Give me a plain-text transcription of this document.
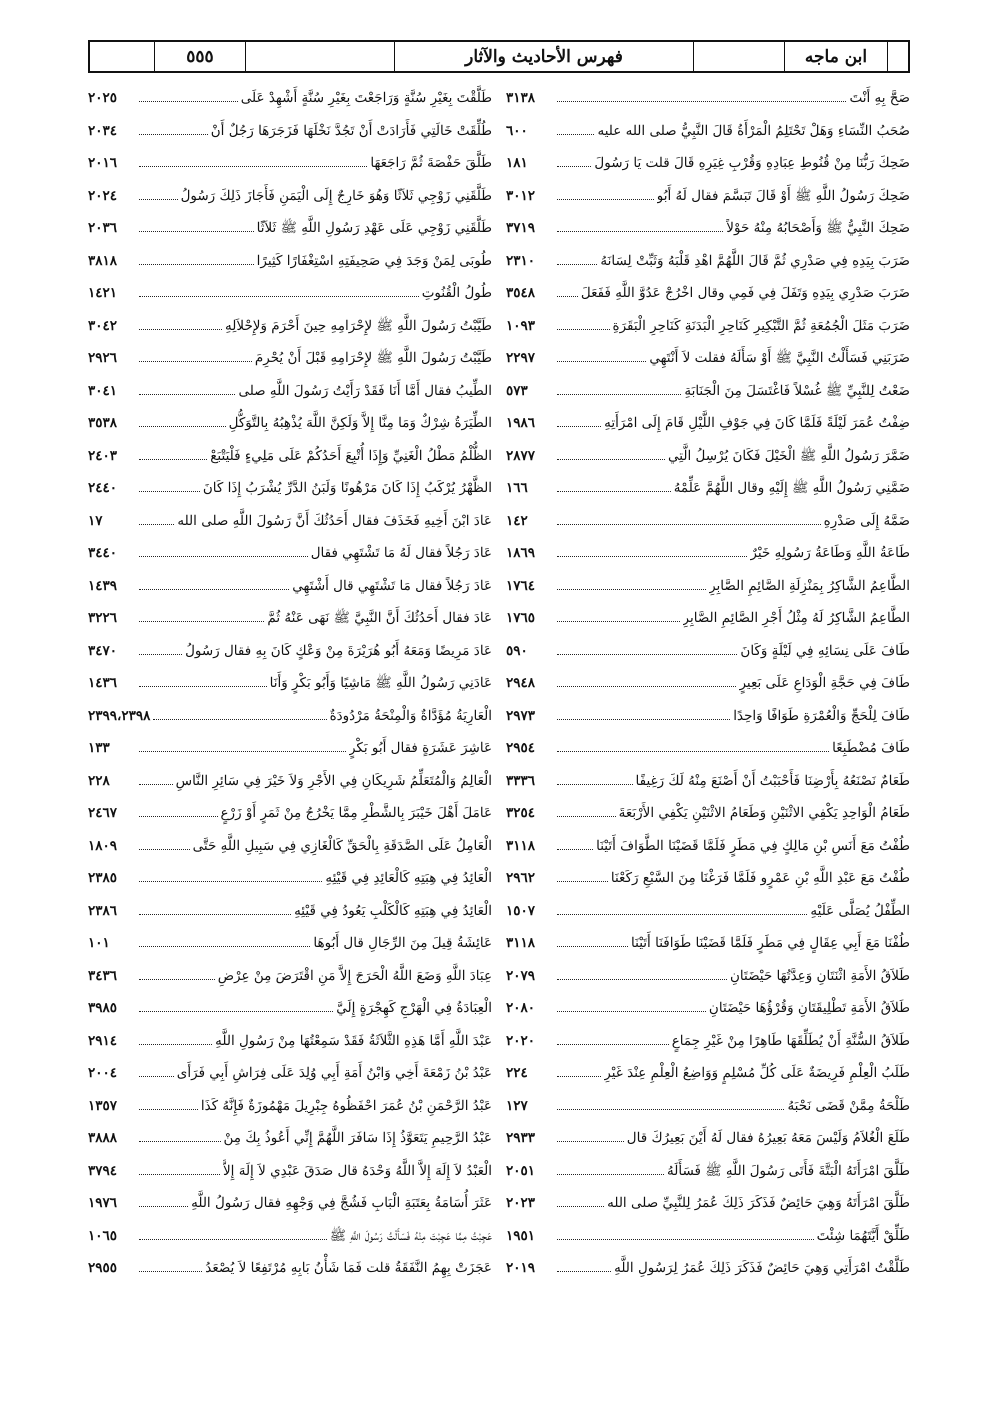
ابن ماجه
فهرس الأحاديث والآثار
٥٥٥
صَحَّ بِهِ أَنْتَ
٣١٣٨
صُحَبُ النِّسَاءِ وَهَلْ تَحْتَلِمُ الْمَرْأَةُ قَالَ النَّبِيُّ صلى الله عليه
٦٠٠
ضَحِكَ رَبُّنَا مِنْ قُنُوطِ عِبَادِهِ وَقُرْبِ غِيَرِهِ قَالَ قلت يَا رَسُولَ
١٨١
ضَحِكَ رَسُولُ اللَّهِ ﷺ أَوْ قَالَ تَبَسَّمَ فقال لَهُ أَبُو
٣٠١٢
ضَحِكَ النَّبِيُّ ﷺ وَأَصْحَابُهُ مِنْهُ حَوْلاً
٣٧١٩
ضَرَبَ بِيَدِهِ فِي صَدْرِي ثُمَّ قَالَ اللَّهُمَّ اهْدِ قَلْبَهُ وَثَبِّتْ لِسَانَهُ
٢٣١٠
ضَرَبَ صَدْرِي بِيَدِهِ وَتَفَلَ فِي فَمِي وقال اخْرُجْ عَدُوَّ اللَّهِ فَفَعَلَ
٣٥٤٨
ضَرَبَ مَثَلَ الْجُمُعَةِ ثُمَّ التَّبْكِيرِ كَنَاحِرِ الْبَدَنَةِ كَنَاحِرِ الْبَقَرَةِ
١٠٩٣
ضَرَبَنِي فَسَأَلْتُ النَّبِيَّ ﷺ أَوْ سَأَلَهُ فقلت لاَ أَنْتَهِي
٢٢٩٧
ضَعْتُ لِلنَّبِيِّ ﷺ غُسْلاً فَاغْتَسَلَ مِنَ الْجَنَابَةِ
٥٧٣
ضِفْتُ عُمَرَ لَيْلَةً فَلَمَّا كَانَ فِي جَوْفِ اللَّيْلِ قَامَ إِلَى امْرَأَتِهِ
١٩٨٦
ضَمَّرَ رَسُولُ اللَّهِ ﷺ الْخَيْلَ فَكَانَ يُرْسِلُ الَّتِي
٢٨٧٧
ضَمَّنِي رَسُولُ اللَّهِ ﷺ إِلَيْهِ وقال اللَّهُمَّ عَلِّمْهُ
١٦٦
ضَمَّهُ إِلَى صَدْرِهِ
١٤٢
طَاعَةُ اللَّهِ وَطَاعَةُ رَسُولِهِ خَيْرٌ
١٨٦٩
الطَّاعِمُ الشَّاكِرُ بِمَنْزِلَةِ الصَّائِمِ الصَّابِرِ
١٧٦٤
الطَّاعِمُ الشَّاكِرُ لَهُ مِثْلُ أَجْرِ الصَّائِمِ الصَّابِرِ
١٧٦٥
طَافَ عَلَى نِسَائِهِ فِي لَيْلَةٍ وَكَانَ
٥٩٠
طَافَ فِي حَجَّةِ الْوَدَاعِ عَلَى بَعِيرٍ
٢٩٤٨
طَافَ لِلْحَجِّ وَالْعُمْرَةِ طَوَافًا وَاحِدًا
٢٩٧٣
طَافَ مُضْطَبِعًا
٢٩٥٤
طَعَامٌ نَصْنَعُهُ بِأَرْضِنَا فَأَحْبَبْتُ أَنْ أَصْنَعَ مِنْهُ لَكَ رَغِيفًا
٣٣٣٦
طَعَامُ الْوَاحِدِ يَكْفِي الاثْنَيْنِ وَطَعَامُ الاثْنَيْنِ يَكْفِي الأَرْبَعَةَ
٣٢٥٤
طُفْتُ مَعَ أَنَسِ بْنِ مَالِكٍ فِي مَطَرٍ فَلَمَّا قَضَيْنَا الطَّوَافَ أَتَيْنَا
٣١١٨
طُفْتُ مَعَ عَبْدِ اللَّهِ بْنِ عَمْرٍو فَلَمَّا فَرَغْنَا مِنَ السَّبْعِ رَكَعْنَا
٢٩٦٢
الطِّفْلُ يُصَلَّى عَلَيْهِ
١٥٠٧
طُفْنَا مَعَ أَبِي عِقَالٍ فِي مَطَرٍ فَلَمَّا قَضَيْنَا طَوَافَنَا أَتَيْنَا
٣١١٨
طَلاَقُ الأَمَةِ اثْنَتَانِ وَعِدَّتُهَا حَيْضَتَانِ
٢٠٧٩
طَلاَقُ الأَمَةِ تَطْلِيقَتَانِ وَقُرْؤُهَا حَيْضَتَانِ
٢٠٨٠
طَلاَقُ السُّنَّةِ أَنْ يُطَلِّقَهَا طَاهِرًا مِنْ غَيْرِ جِمَاعٍ
٢٠٢٠
طَلَبُ الْعِلْمِ فَرِيضَةٌ عَلَى كُلِّ مُسْلِمٍ وَوَاضِعُ الْعِلْمِ عِنْدَ غَيْرِ
٢٢٤
طَلْحَةُ مِمَّنْ قَضَى نَحْبَهُ
١٢٧
طَلَعَ الْغُلاَمُ وَلَيْسَ مَعَهُ بَعِيرُهُ فقال لَهُ أَيْنَ بَعِيرُكَ قال
٢٩٣٣
طَلَّقَ امْرَأَتَهُ الْبَتَّةَ فَأَتَى رَسُولَ اللَّهِ ﷺ فَسَأَلَهُ
٢٠٥١
طَلَّقَ امْرَأَتَهُ وَهِيَ حَائِضٌ فَذَكَرَ ذَلِكَ عُمَرُ لِلنَّبِيِّ صلى الله
٢٠٢٣
طَلِّقْ أَيَّتَهُمَا شِئْتَ
١٩٥١
طَلَّقْتُ امْرَأَتِي وَهِيَ حَائِضٌ فَذَكَرَ ذَلِكَ عُمَرُ لِرَسُولِ اللَّهِ
٢٠١٩
طَلَّقْتَ بِغَيْرِ سُنَّةٍ وَرَاجَعْتَ بِغَيْرِ سُنَّةٍ أَشْهِدْ عَلَى
٢٠٢٥
طُلِّقَتْ خَالَتِي فَأَرَادَتْ أَنْ تَجُدَّ نَخْلَهَا فَزَجَرَهَا رَجُلٌ أَنْ
٢٠٣٤
طَلَّقَ حَفْصَةَ ثُمَّ رَاجَعَهَا
٢٠١٦
طَلَّقَنِي زَوْجِي ثَلاَثًا وَهُوَ خَارِجٌ إِلَى الْيَمَنِ فَأَجَازَ ذَلِكَ رَسُولُ
٢٠٢٤
طَلَّقَنِي زَوْجِي عَلَى عَهْدِ رَسُولِ اللَّهِ ﷺ ثَلاَثًا
٢٠٣٦
طُوبَى لِمَنْ وَجَدَ فِي صَحِيفَتِهِ اسْتِغْفَارًا كَثِيرًا
٣٨١٨
طُولُ الْقُنُوتِ
١٤٢١
طَيَّبْتُ رَسُولَ اللَّهِ ﷺ لإِحْرَامِهِ حِينَ أَحْرَمَ وَلإِحْلاَلِهِ
٣٠٤٢
طَيَّبْتُ رَسُولَ اللَّهِ ﷺ لإِحْرَامِهِ قَبْلَ أَنْ يُحْرِمَ
٢٩٢٦
الطِّيبُ فقال أَمَّا أَنَا فَقَدْ رَأَيْتُ رَسُولَ اللَّهِ صلى
٣٠٤١
الطِّيَرَةُ شِرْكٌ وَمَا مِنَّا إِلاَّ وَلَكِنَّ اللَّهَ يُذْهِبُهُ بِالتَّوَكُّلِ
٣٥٣٨
الظُّلْمُ مَطْلُ الْغَنِيِّ وَإِذَا أُتْبِعَ أَحَدُكُمْ عَلَى مَلِيءٍ فَلْيَتْبَعْ
٢٤٠٣
الظَّهْرُ يُرْكَبُ إِذَا كَانَ مَرْهُونًا وَلَبَنُ الدَّرِّ يُشْرَبُ إِذَا كَانَ
٢٤٤٠
عَادَ ابْنَ أَخِيهِ فَخَذَفَ فقال أَحَدُثُكَ أَنَّ رَسُولَ اللَّهِ صلى الله
١٧
عَادَ رَجُلاً فقال لَهُ مَا تَشْتَهِي فقال
٣٤٤٠
عَادَ رَجُلاً فقال مَا تَشْتَهِي قال أَشْتَهِي
١٤٣٩
عَادَ فقال أَحَدُثُكَ أَنَّ النَّبِيَّ ﷺ نَهَى عَنْهُ ثُمَّ
٣٢٢٦
عَادَ مَرِيضًا وَمَعَهُ أَبُو هُرَيْرَةَ مِنْ وَعْكٍ كَانَ بِهِ فقال رَسُولُ
٣٤٧٠
عَادَنِي رَسُولُ اللَّهِ ﷺ مَاشِيًا وَأَبُو بَكْرٍ وَأَنَا
١٤٣٦
الْعَارِيَةُ مُؤَدَّاةٌ وَالْمِنْحَةُ مَرْدُودَةٌ
٢٣٩٩،٢٣٩٨
عَاشِرَ عَشَرَةٍ فقال أَبُو بَكْرٍ
١٣٣
الْعَالِمُ وَالْمُتَعَلِّمُ شَرِيكَانِ فِي الأَجْرِ وَلاَ خَيْرَ فِي سَائِرِ النَّاسِ
٢٢٨
عَامَلَ أَهْلَ خَيْبَرَ بِالشَّطْرِ مِمَّا يَخْرُجُ مِنْ ثَمَرٍ أَوْ زَرْعٍ
٢٤٦٧
الْعَامِلُ عَلَى الصَّدَقَةِ بِالْحَقِّ كَالْغَازِي فِي سَبِيلِ اللَّهِ حَتَّى
١٨٠٩
الْعَائِدُ فِي هِبَتِهِ كَالْعَائِدِ فِي قَيْئِهِ
٢٣٨٥
الْعَائِدُ فِي هِبَتِهِ كَالْكَلْبِ يَعُودُ فِي قَيْئِهِ
٢٣٨٦
عَائِشَةُ قِيلَ مِنَ الرِّجَالِ قال أَبُوهَا
١٠١
عِبَادَ اللَّهِ وَضَعَ اللَّهُ الْحَرَجَ إِلاَّ مَنِ اقْتَرَضَ مِنْ عِرْضِ
٣٤٣٦
الْعِبَادَةُ فِي الْهَرْجِ كَهِجْرَةٍ إِلَيَّ
٣٩٨٥
عَبْدَ اللَّهِ أَمَّا هَذِهِ الثَّلاَثَةُ فَقَدْ سَمِعْتُهَا مِنْ رَسُولِ اللَّهِ
٢٩١٤
عَبْدُ بْنُ زَمْعَةَ أَخِي وَابْنُ أَمَةِ أَبِي وُلِدَ عَلَى فِرَاشِ أَبِي فَرَأَى
٢٠٠٤
عَبْدُ الرَّحْمَنِ بْنُ عُمَرَ احْفَظُوهُ جِبْرِيلَ مَهْمُوزَةٌ فَإِنَّهُ كَذَا
١٣٥٧
عَبْدُ الرَّحِيمِ يَتَعَوَّذُ إِذَا سَافَرَ اللَّهُمَّ إِنِّي أَعُوذُ بِكَ مِنْ
٣٨٨٨
الْعَبْدُ لاَ إِلَهَ إِلاَّ اللَّهُ وَحْدَهُ قال صَدَقَ عَبْدِي لاَ إِلَهَ إِلاَّ
٣٧٩٤
عَثَرَ أُسَامَةُ بِعَتَبَةِ الْبَابِ فَشُجَّ فِي وَجْهِهِ فقال رَسُولُ اللَّهِ
١٩٧٦
عَجِبْتُ مِمَّا عَجِبْتَ مِنْهُ فَسَأَلْتُ رَسُولَ اللَّهِ ﷺ
١٠٦٥
عَجَزَتْ بِهِمُ النَّفَقَةُ قلت فَمَا شَأْنُ بَابِهِ مُرْتَفِعًا لاَ يُصْعَدُ
٢٩٥٥
